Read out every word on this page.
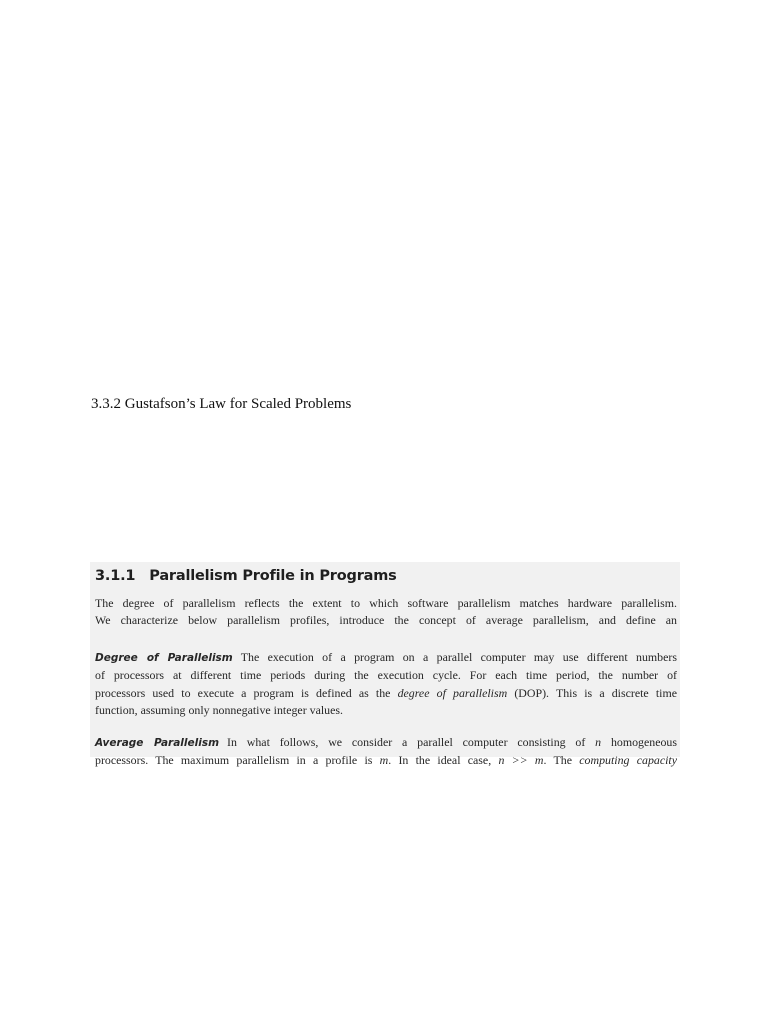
3.3.2 Gustafson’s Law for Scaled Problems
3.1.1 Parallelism Profile in Programs
The degree of parallelism reflects the extent to which software parallelism matches hardware parallelism.
We characterize below parallelism profiles, introduce the concept of average parallelism, and define an
Degree of Parallelism The execution of a program on a parallel computer may use different numbers
of processors at different time periods during the execution cycle. For each time period, the number of
processors used to execute a program is defined as the degree of parallelism (DOP). This is a discrete time
function, assuming only nonnegative integer values.
Average Parallelism In what follows, we consider a parallel computer consisting of n homogeneous
processors. The maximum parallelism in a profile is m. In the ideal case, n >> m. The computing capacity
